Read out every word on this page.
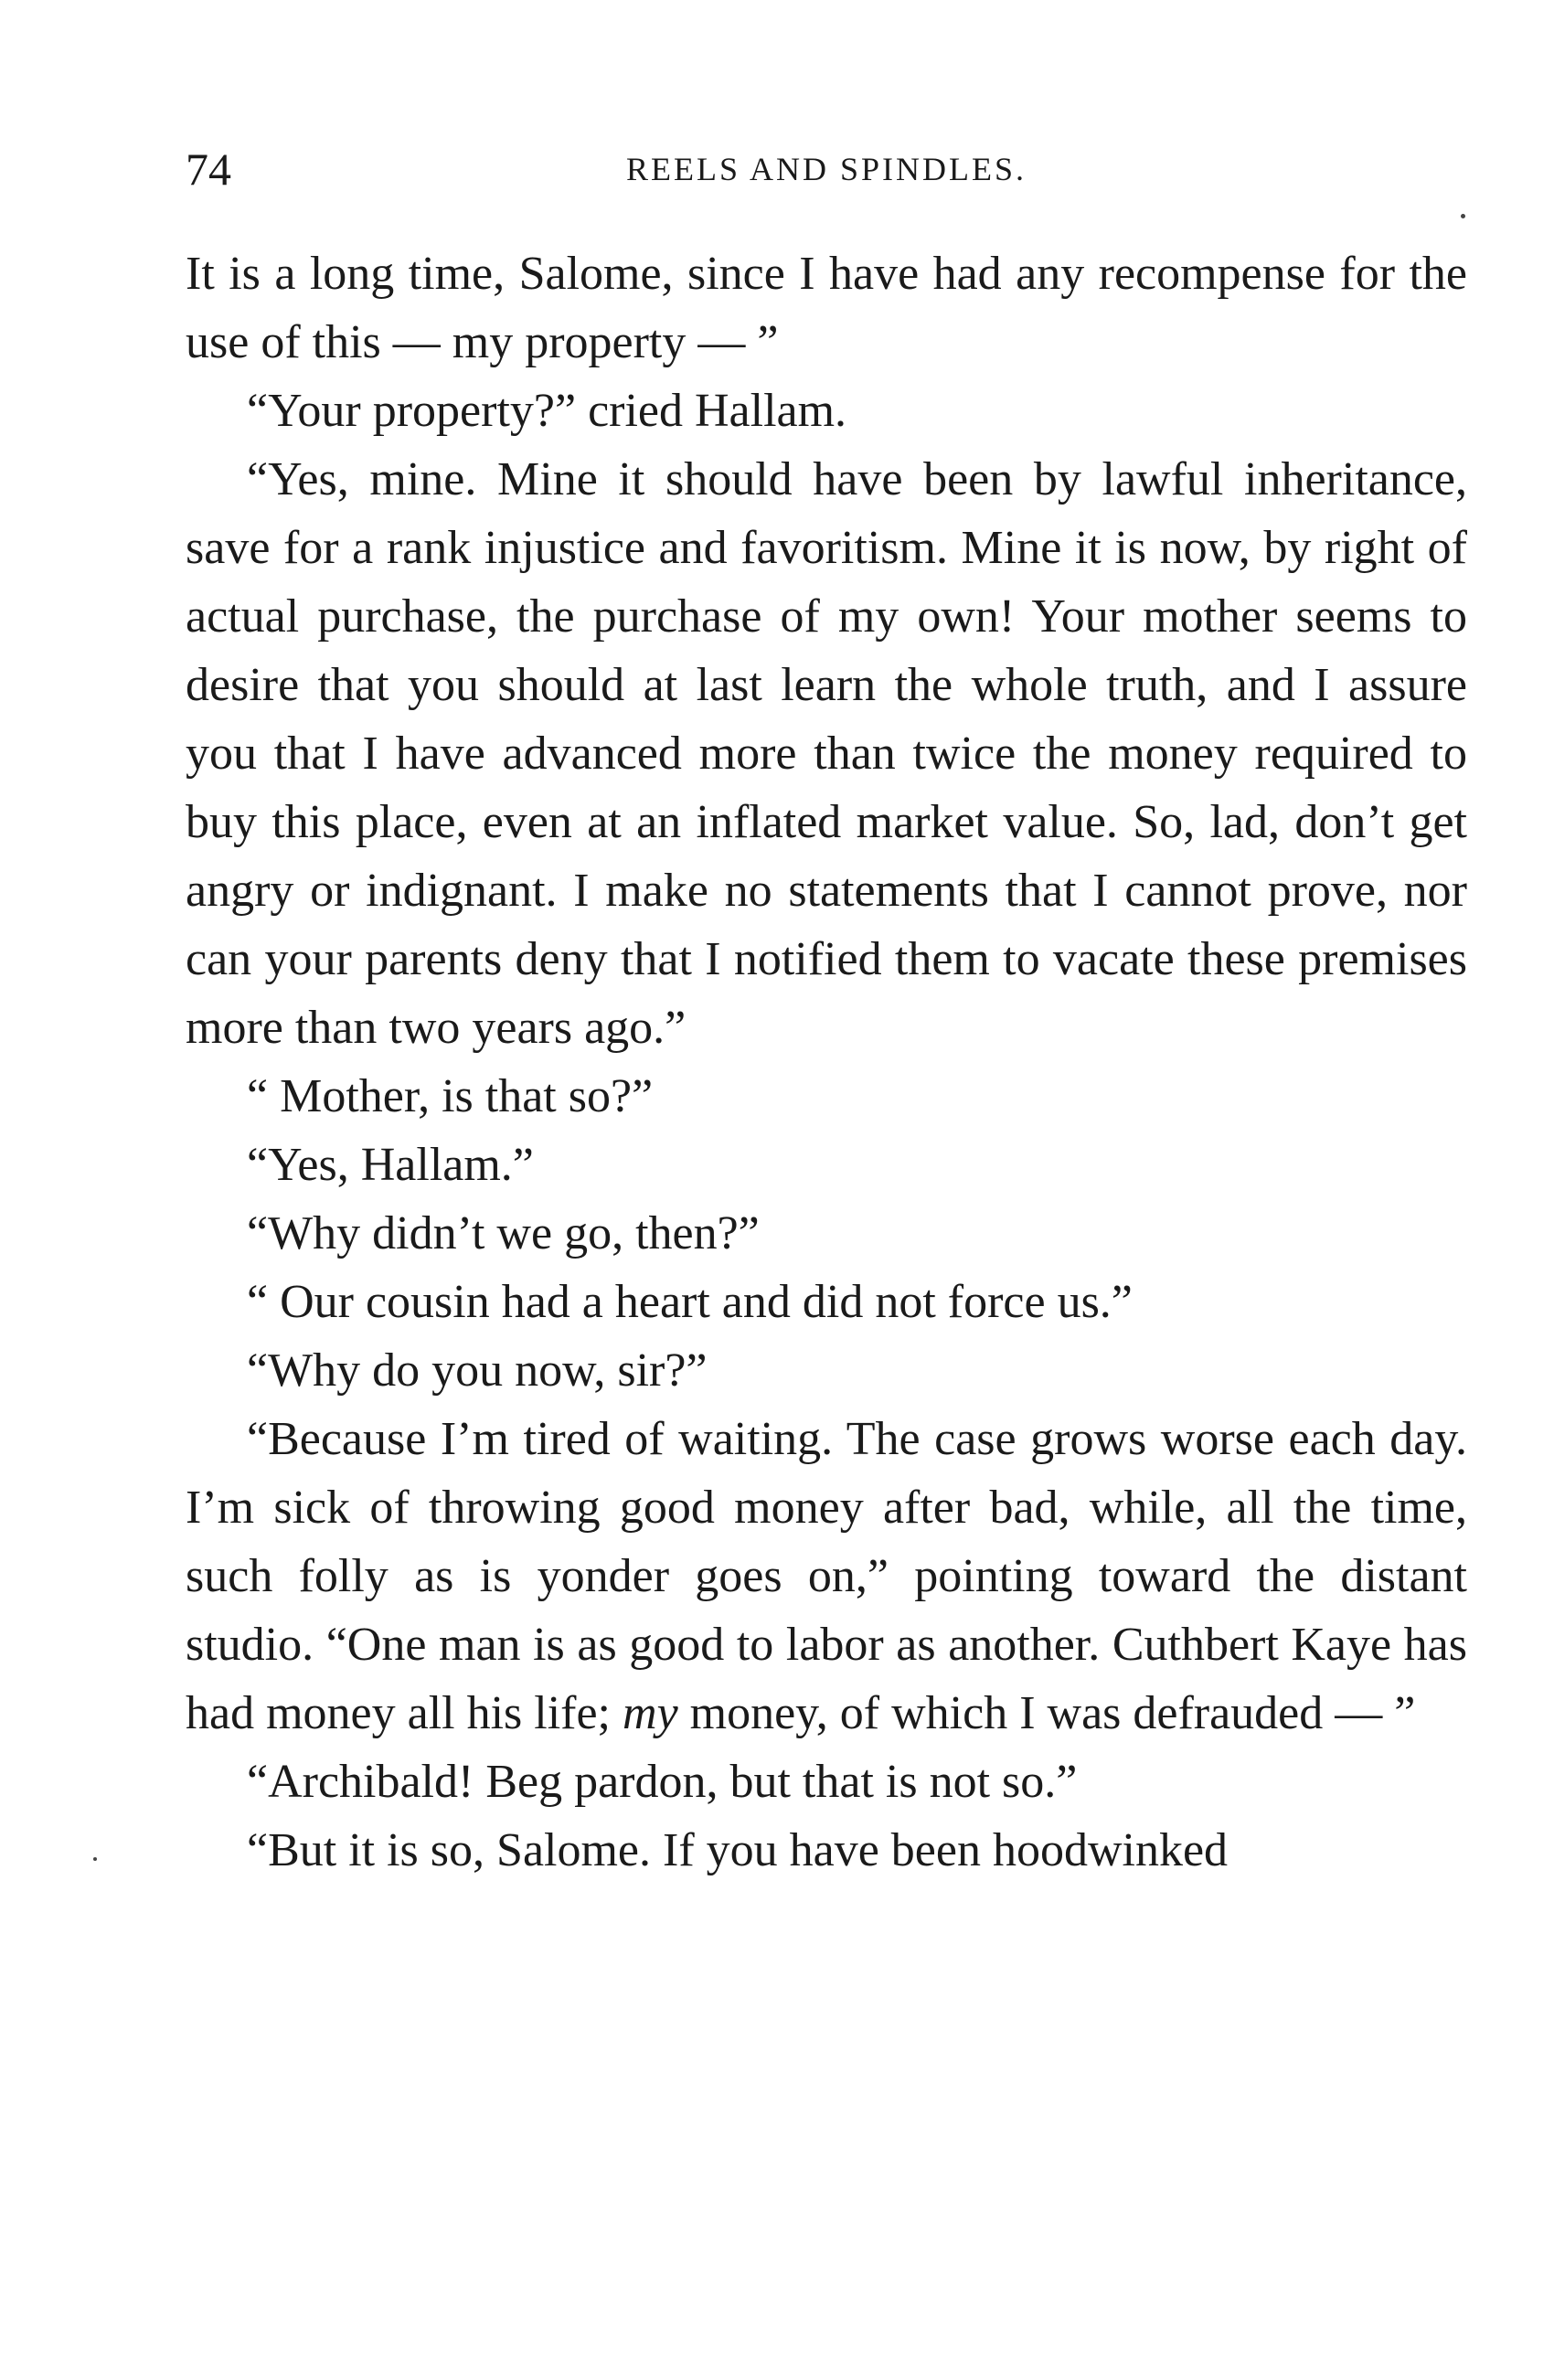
74	REELS AND SPINDLES.

It is a long time, Salome, since I have had any recompense for the use of this — my property — ”

“Your property?” cried Hallam.

“Yes, mine. Mine it should have been by lawful inheritance, save for a rank injustice and favoritism. Mine it is now, by right of actual purchase, the purchase of my own! Your mother seems to desire that you should at last learn the whole truth, and I assure you that I have advanced more than twice the money required to buy this place, even at an inflated market value. So, lad, don’t get angry or indignant. I make no statements that I cannot prove, nor can your parents deny that I notified them to vacate these premises more than two years ago.”

“ Mother, is that so?”

“Yes, Hallam.”

“Why didn’t we go, then?”

“ Our cousin had a heart and did not force us.”

“Why do you now, sir?”

“Because I’m tired of waiting. The case grows worse each day. I’m sick of throwing good money after bad, while, all the time, such folly as is yonder goes on,” pointing toward the distant studio. “One man is as good to labor as another. Cuthbert Kaye has had money all his life; my money, of which I was defrauded — ”

“Archibald! Beg pardon, but that is not so.”

“But it is so, Salome. If you have been hoodwinked
